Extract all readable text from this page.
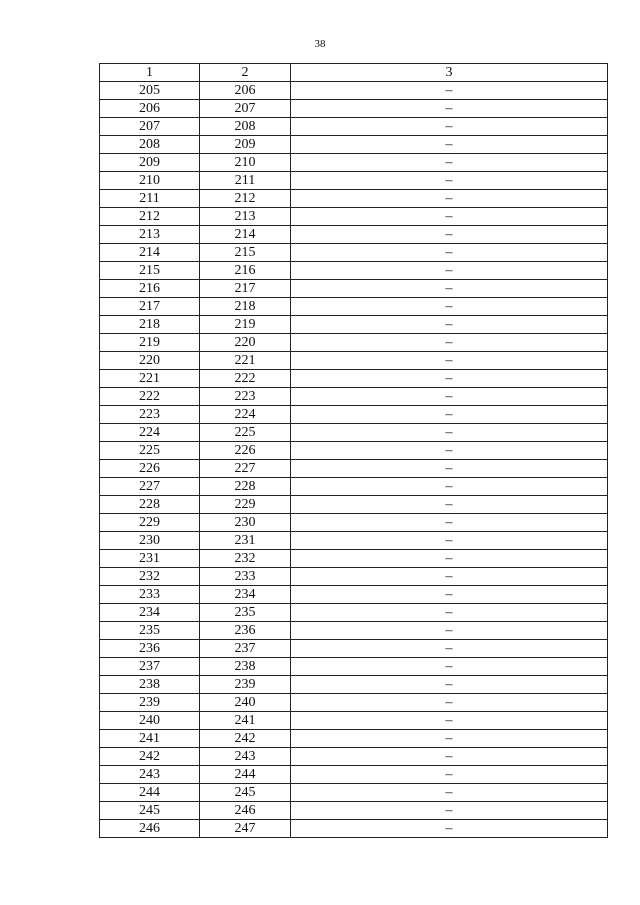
38
1	2	3
205	206	–
206	207	–
207	208	–
208	209	–
209	210	–
210	211	–
211	212	–
212	213	–
213	214	–
214	215	–
215	216	–
216	217	–
217	218	–
218	219	–
219	220	–
220	221	–
221	222	–
222	223	–
223	224	–
224	225	–
225	226	–
226	227	–
227	228	–
228	229	–
229	230	–
230	231	–
231	232	–
232	233	–
233	234	–
234	235	–
235	236	–
236	237	–
237	238	–
238	239	–
239	240	–
240	241	–
241	242	–
242	243	–
243	244	–
244	245	–
245	246	–
246	247	–
